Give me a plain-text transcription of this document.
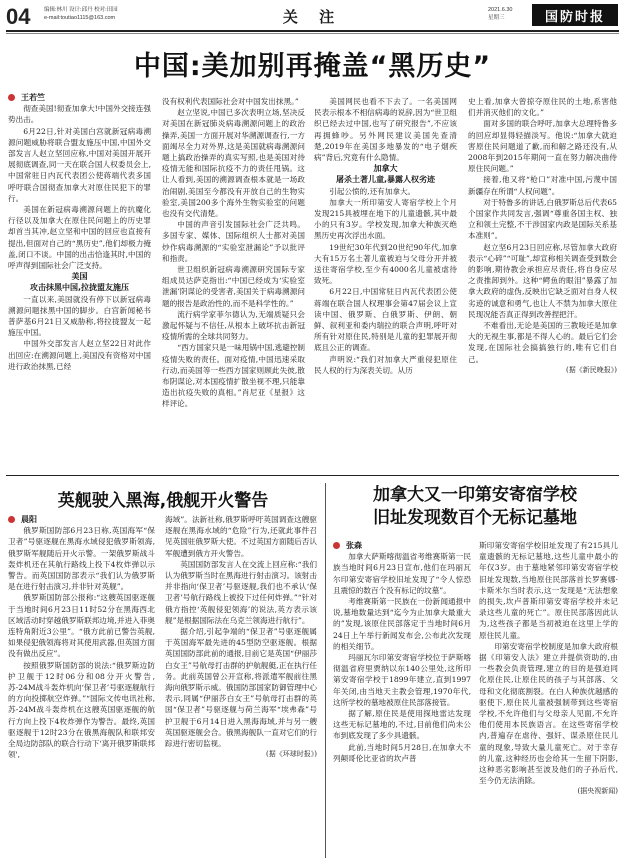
04 编辑:林川 设计:邱丹 校对:田园
e-mail:toutiao1115@163.com	关 注	2021.6.30
星期三	国防时报
中国:美加别再掩盖“黑历史”

王若竺

彻查美国!彻查加拿大!中国外交接连强势出击。

6月22日,针对美国白宫就新冠病毒溯源问题威胁将联合盟友施压中国,中国外交部发言人赵立坚回应称,中国对美国开展开展彻底调查,同一天在联合国人权委员会上,中国常驻日内瓦代表团公使蒋端代表多国呼吁联合国彻查加拿大对原住民犯下的罪行。

美国在新冠病毒溯源问题上的抗魔化行径以及加拿大在原住民问题上的历史罪却首当其冲,赵立坚和中国的回应也直接有提出,但面对自己的“黑历史”,他们却极力掩盖,闭口不谈。中国的出击恰逢其时,中国的呼声得到国际社会广泛支持。

美国
攻击抹黑中国,拉拢盟友施压

一直以来,美国就没有停下以新冠病毒溯源问题抹黑中国的脚步。白宫新闻秘书普萨基6月21日又威胁称,将拉拢盟友一起施压中国。

中国外交部发言人赵立坚22日对此作出回应:在溯源问题上,美国没有资格对中国进行政治抹黑,已经

没有权利代表国际社会对中国发出抹黑。”

赵立坚说,中国已多次表明立场,坚决反对美国在新冠肺炎病毒溯源问题上的政治操弄,美国一方面开展对华溯源调查行,一方面竭尽全力对外界,这是美国就病毒溯源问题上搞政治操弄的真实写照,也是美国对待疫情无能和国际抗疫不力的责任甩锅。这让人看到,美国的溯源调查根本就是一场政治闹剧,美国至今都没有开放自己的生物实验室,美国200多个海外生物实验室的问题也没有交代清楚。

中国的声音引发国际社会广泛共鸣。多国专家、媒体、国际组织人士都对美国炒作病毒溯源的“实验室泄漏论”予以批评和指责。

世卫组织新冠病毒溯源研究国际专家组成员达萨克指出:“中国已经成为‘实验室泄漏’阴谋论的受害者,美国关于病毒溯源问题的报告是政治性的,而不是科学性的。”

流行病学家菲尔德认为,无端质疑只会激起怀疑与不信任,从根本上破坏抗击新冠疫情所需的全球共同努力。

“西方国家只是一味甩锅中国,逃避控制疫情失败的责任。面对疫情,中国迅速采取行动,而美国等一些西方国家则顾此失彼,散布阴谋论,对本国疫情扩散坐视不理,只能靠造出抗疫失败的真相。”肖尼亚《星报》这样评论。

美国网民也看不下去了。一名美国网民表示根本不相信病毒的说辞,因为“世卫组织已经去过中国,也写了研究报告”,不应该再拥蜂吵。另外网民建议美国先查清楚,2019年在美国多地暴发的“电子烟疾病”背后,究竟有什么隐情。

加拿大
屠杀土著儿童,暴露人权劣迹

引起公愤的,还有加拿大。

加拿大一所印第安人寄宿学校上个月发现215具被埋在地下的儿童遗骸,其中最小的只有3岁。学校发现,加拿大种族灭绝黑历史再次浮出水面。

19世纪30年代到20世纪90年代,加拿大有15万名土著儿童被迫与父母分开并被送往寄宿学校,至少有4000名儿童被虐待致死。

6月22日,中国常驻日内瓦代表团公使蒋端在联合国人权理事会第47届会议上宣读中国、俄罗斯、白俄罗斯、伊朗、朝鲜、叙利亚和委内瑞拉的联合声明,呼吁对所有针对原住民,特别是儿童的犯罪展开彻底且公正的调查。

声明说:“我们对加拿大严重侵犯原住民人权的行为深表关切。从历

史上看,加拿大曾掠夺原住民的土地,系害他们并消灭他们的文化。”

面对多国的联合呼吁,加拿大总理特鲁多的回应却显得轻描淡写。他说:“加拿大就迫害原住民问题道了歉,而和解之路还没有,从2008年到2015年期间一直在努力解决曲侍原住民问题。”

接着,他又将“枪口”对准中国,污蔑中国新疆存在所谓“人权问题”。

对于特鲁多的讲话,白俄罗斯总后代表65个国家作共同发言,强调“尊重各国主权、独立和领土完整,不干涉国家内政是国际关系基本准则”。

赵立坚6月23日回应称,尽管加拿大政府表示“心碎”“可耻”,却宣称相关调查受到数会的影响,期待教会承担应尽责任,将自身应尽之责推卸到外。这种“鳄鱼的眼泪”暴露了加拿大政府的虚伪,反映出它缺乏面对自身人权劣迹的诚意和勇气,也让人不禁为加拿大原住民现况能否真正得到改善捏把汗。

不难看出,无论是美国的三教唆还是加拿大的无视生事,都是不得人心的。最后它们会发现,在国际社会搞搞独行的,唯有它们自己。

(据《新民晚报》)

英舰驶入黑海,俄舰开火警告

晨阳

俄罗斯国防部6月23日称,英国海军“保卫者”号驱逐舰在黑海水域侵犯俄罗斯领海,俄罗斯军舰随后开火示警。一架俄罗斯战斗轰炸机还在其航行路线上投下4枚炸弹以示警告。而英国国防部表示“我们认为俄罗斯是在进行射击演习,并非针对英舰”。

俄罗斯国防部公报称:“这艘英国驱逐舰于当地时间6月23日11时52分在黑海西北区域活动时穿越俄罗斯联邦边境,并进入菲奥连特角附近3公里”。“俄方此前已警告英舰,如果侵犯俄领海将对其使用武器,但英国方面没有做出反应”。

按照俄罗斯国防部的说法:“俄罗斯边防护卫舰于12时06分和08分开火警告,苏-24M战斗轰炸机向‘保卫者’号驱逐舰航行的方向投掷航空炸弹。”“国际文传电讯社称,苏-24M战斗轰炸机在这艘英国驱逐舰的航行方向上投下4枚炸弹作为警告。最终,英国驱逐舰于12时23分在俄黑海舰队和联邦安全局边防部队的联合行动下‘离开俄罗斯联邦领',

海域”。法新社称,俄罗斯呼吁英国调查这艘驱逐舰在黑海水域的“危险”行为,还就此事件召见英国驻俄罗斯大使。不过英国方面随后否认军舰遭到俄方开火警告。

英国国防部发言人在交流上回应称:“我们认为俄罗斯当时在黑海进行射击演习。该射击并非指向‘保卫者’号驱逐舰,我们也不承认‘保卫者’号航行路线上被投下过任何炸弹。”“针对俄方指控‘英舰侵犯领海’的说法,英方表示该舰”是根据国际法在乌克兰领海进行航行”。

据介绍,引起争端的“保卫者”号驱逐舰属于英国海军最先进的45型防空驱逐舰。根据英国国防部此前的通报,目前它是英国“伊丽莎白女王”号航母打击群的护航舰艇,正在执行任务。此前英国曾公开宣称,将派遣军舰前往黑海向俄罗斯示威。俄国防部国家防御管理中心表示,同属“伊丽莎白女王”号航母打击群的英国“保卫者”号驱逐舰与荷兰海军“埃弗森”号护卫舰于6月14日进入黑海海域,并与另一艘英国驱逐舰会合。俄黑海舰队一直对它们的行踪进行密切监视。

(据《环球时报》)

加拿大又一印第安寄宿学校
旧址发现数百个无标记墓地

张森

加拿大萨斯喀彻温省考维赛斯第一民族当地时间6月23日宣布,他们在玛丽瓦尔印第安寄宿学校旧址发现了“令人惊恐且震惊的数百个没有标记的坟墓”。

考维赛斯第一民族在一份新闻通报中说,墓地数量达到“迄今为止加拿大最重大的”发现,该原住民部落定于当地时间6月24日上午举行新闻发布会,公布此次发现的相关细节。

玛丽瓦尔印第安寄宿学校位于萨斯喀彻温省府里贾纳以东140公里处,这所印第安寄宿学校于1899年建立,直到1997年关闭,由当地天主教会管理,1970年代,这所学校的墓地被原住民部落接管。

据了解,原住民是使用探地雷达发现这些无标记墓地的,不过,目前他们尚未公布到底发现了多少具遗骸。

此前,当地时间5月28日,在加拿大不列颠哥伦比亚省的坎卢普

斯印第安寄宿学校旧址发现了有215具儿童遗骸的无标记墓地,这些儿童中最小的年仅3岁。由于墓地紧邻印第安寄宿学校旧址发现数,当地原住民部落首长罗赛娜·卡斯米尔当时表示,这一发现是“无法想象的损失,坎卢普斯印第安寄宿学校并未记录这些儿童的死亡”。原住民部落因此认为,这些孩子都是当初被迫在这里上学的原住民儿童。

印第安寄宿学校制度是加拿大政府根据《印第安人法》建立并提供资助的,由一些教会负责管理,建立的目的是强迫同化原住民,让原住民的孩子与其部落、父母和文化彻底割裂。在白人种族优越感的驱使下,原住民儿童被强制带到这些寄宿学校,不允许他们与父母亲人见面,不允许他们使用本民族语言。在这些寄宿学校内,普遍存在虐待、强奸、谋杀原住民儿童的现象,导致大量儿童死亡。对于幸存的儿童,这种经历也会给其一生留下阴影,这种恶劣影响甚至波及他们的子孙后代,至今仍无法消除。

(据央视新闻)
